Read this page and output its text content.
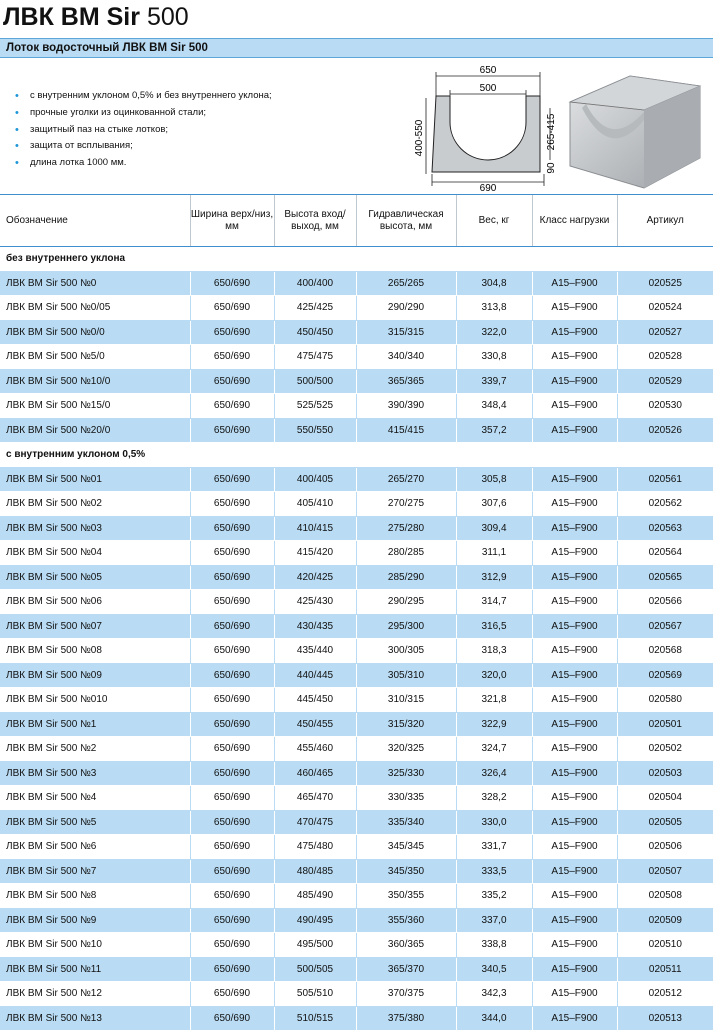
ЛВК BM Sir 500
Лоток водосточный ЛВК BM Sir 500
• с внутренним уклоном 0,5% и без внутреннего уклона;
• прочные уголки из оцинкованной стали;
• защитный паз на стыке лотков;
• защита от всплывания;
• длина лотка 1000 мм.
650
500
690
400-550	265-415
90
Обозначение	Ширина верх/низ, мм	Высота вход/выход, мм	Гидравлическая высота, мм	Вес, кг	Класс нагрузки	Артикул
без внутреннего уклона						
ЛВК BM Sir 500 №0	650/690	400/400	265/265	304,8	A15–F900	020525
ЛВК BM Sir 500 №0/05	650/690	425/425	290/290	313,8	A15–F900	020524
ЛВК BM Sir 500 №0/0	650/690	450/450	315/315	322,0	A15–F900	020527
ЛВК BM Sir 500 №5/0	650/690	475/475	340/340	330,8	A15–F900	020528
ЛВК BM Sir 500 №10/0	650/690	500/500	365/365	339,7	A15–F900	020529
ЛВК BM Sir 500 №15/0	650/690	525/525	390/390	348,4	A15–F900	020530
ЛВК BM Sir 500 №20/0	650/690	550/550	415/415	357,2	A15–F900	020526
с внутренним уклоном 0,5%						
ЛВК BM Sir 500 №01	650/690	400/405	265/270	305,8	A15–F900	020561
ЛВК BM Sir 500 №02	650/690	405/410	270/275	307,6	A15–F900	020562
ЛВК BM Sir 500 №03	650/690	410/415	275/280	309,4	A15–F900	020563
ЛВК BM Sir 500 №04	650/690	415/420	280/285	311,1	A15–F900	020564
ЛВК BM Sir 500 №05	650/690	420/425	285/290	312,9	A15–F900	020565
ЛВК BM Sir 500 №06	650/690	425/430	290/295	314,7	A15–F900	020566
ЛВК BM Sir 500 №07	650/690	430/435	295/300	316,5	A15–F900	020567
ЛВК BM Sir 500 №08	650/690	435/440	300/305	318,3	A15–F900	020568
ЛВК BM Sir 500 №09	650/690	440/445	305/310	320,0	A15–F900	020569
ЛВК BM Sir 500 №010	650/690	445/450	310/315	321,8	A15–F900	020580
ЛВК BM Sir 500 №1	650/690	450/455	315/320	322,9	A15–F900	020501
ЛВК BM Sir 500 №2	650/690	455/460	320/325	324,7	A15–F900	020502
ЛВК BM Sir 500 №3	650/690	460/465	325/330	326,4	A15–F900	020503
ЛВК BM Sir 500 №4	650/690	465/470	330/335	328,2	A15–F900	020504
ЛВК BM Sir 500 №5	650/690	470/475	335/340	330,0	A15–F900	020505
ЛВК BM Sir 500 №6	650/690	475/480	345/345	331,7	A15–F900	020506
ЛВК BM Sir 500 №7	650/690	480/485	345/350	333,5	A15–F900	020507
ЛВК BM Sir 500 №8	650/690	485/490	350/355	335,2	A15–F900	020508
ЛВК BM Sir 500 №9	650/690	490/495	355/360	337,0	A15–F900	020509
ЛВК BM Sir 500 №10	650/690	495/500	360/365	338,8	A15–F900	020510
ЛВК BM Sir 500 №11	650/690	500/505	365/370	340,5	A15–F900	020511
ЛВК BM Sir 500 №12	650/690	505/510	370/375	342,3	A15–F900	020512
ЛВК BM Sir 500 №13	650/690	510/515	375/380	344,0	A15–F900	020513
